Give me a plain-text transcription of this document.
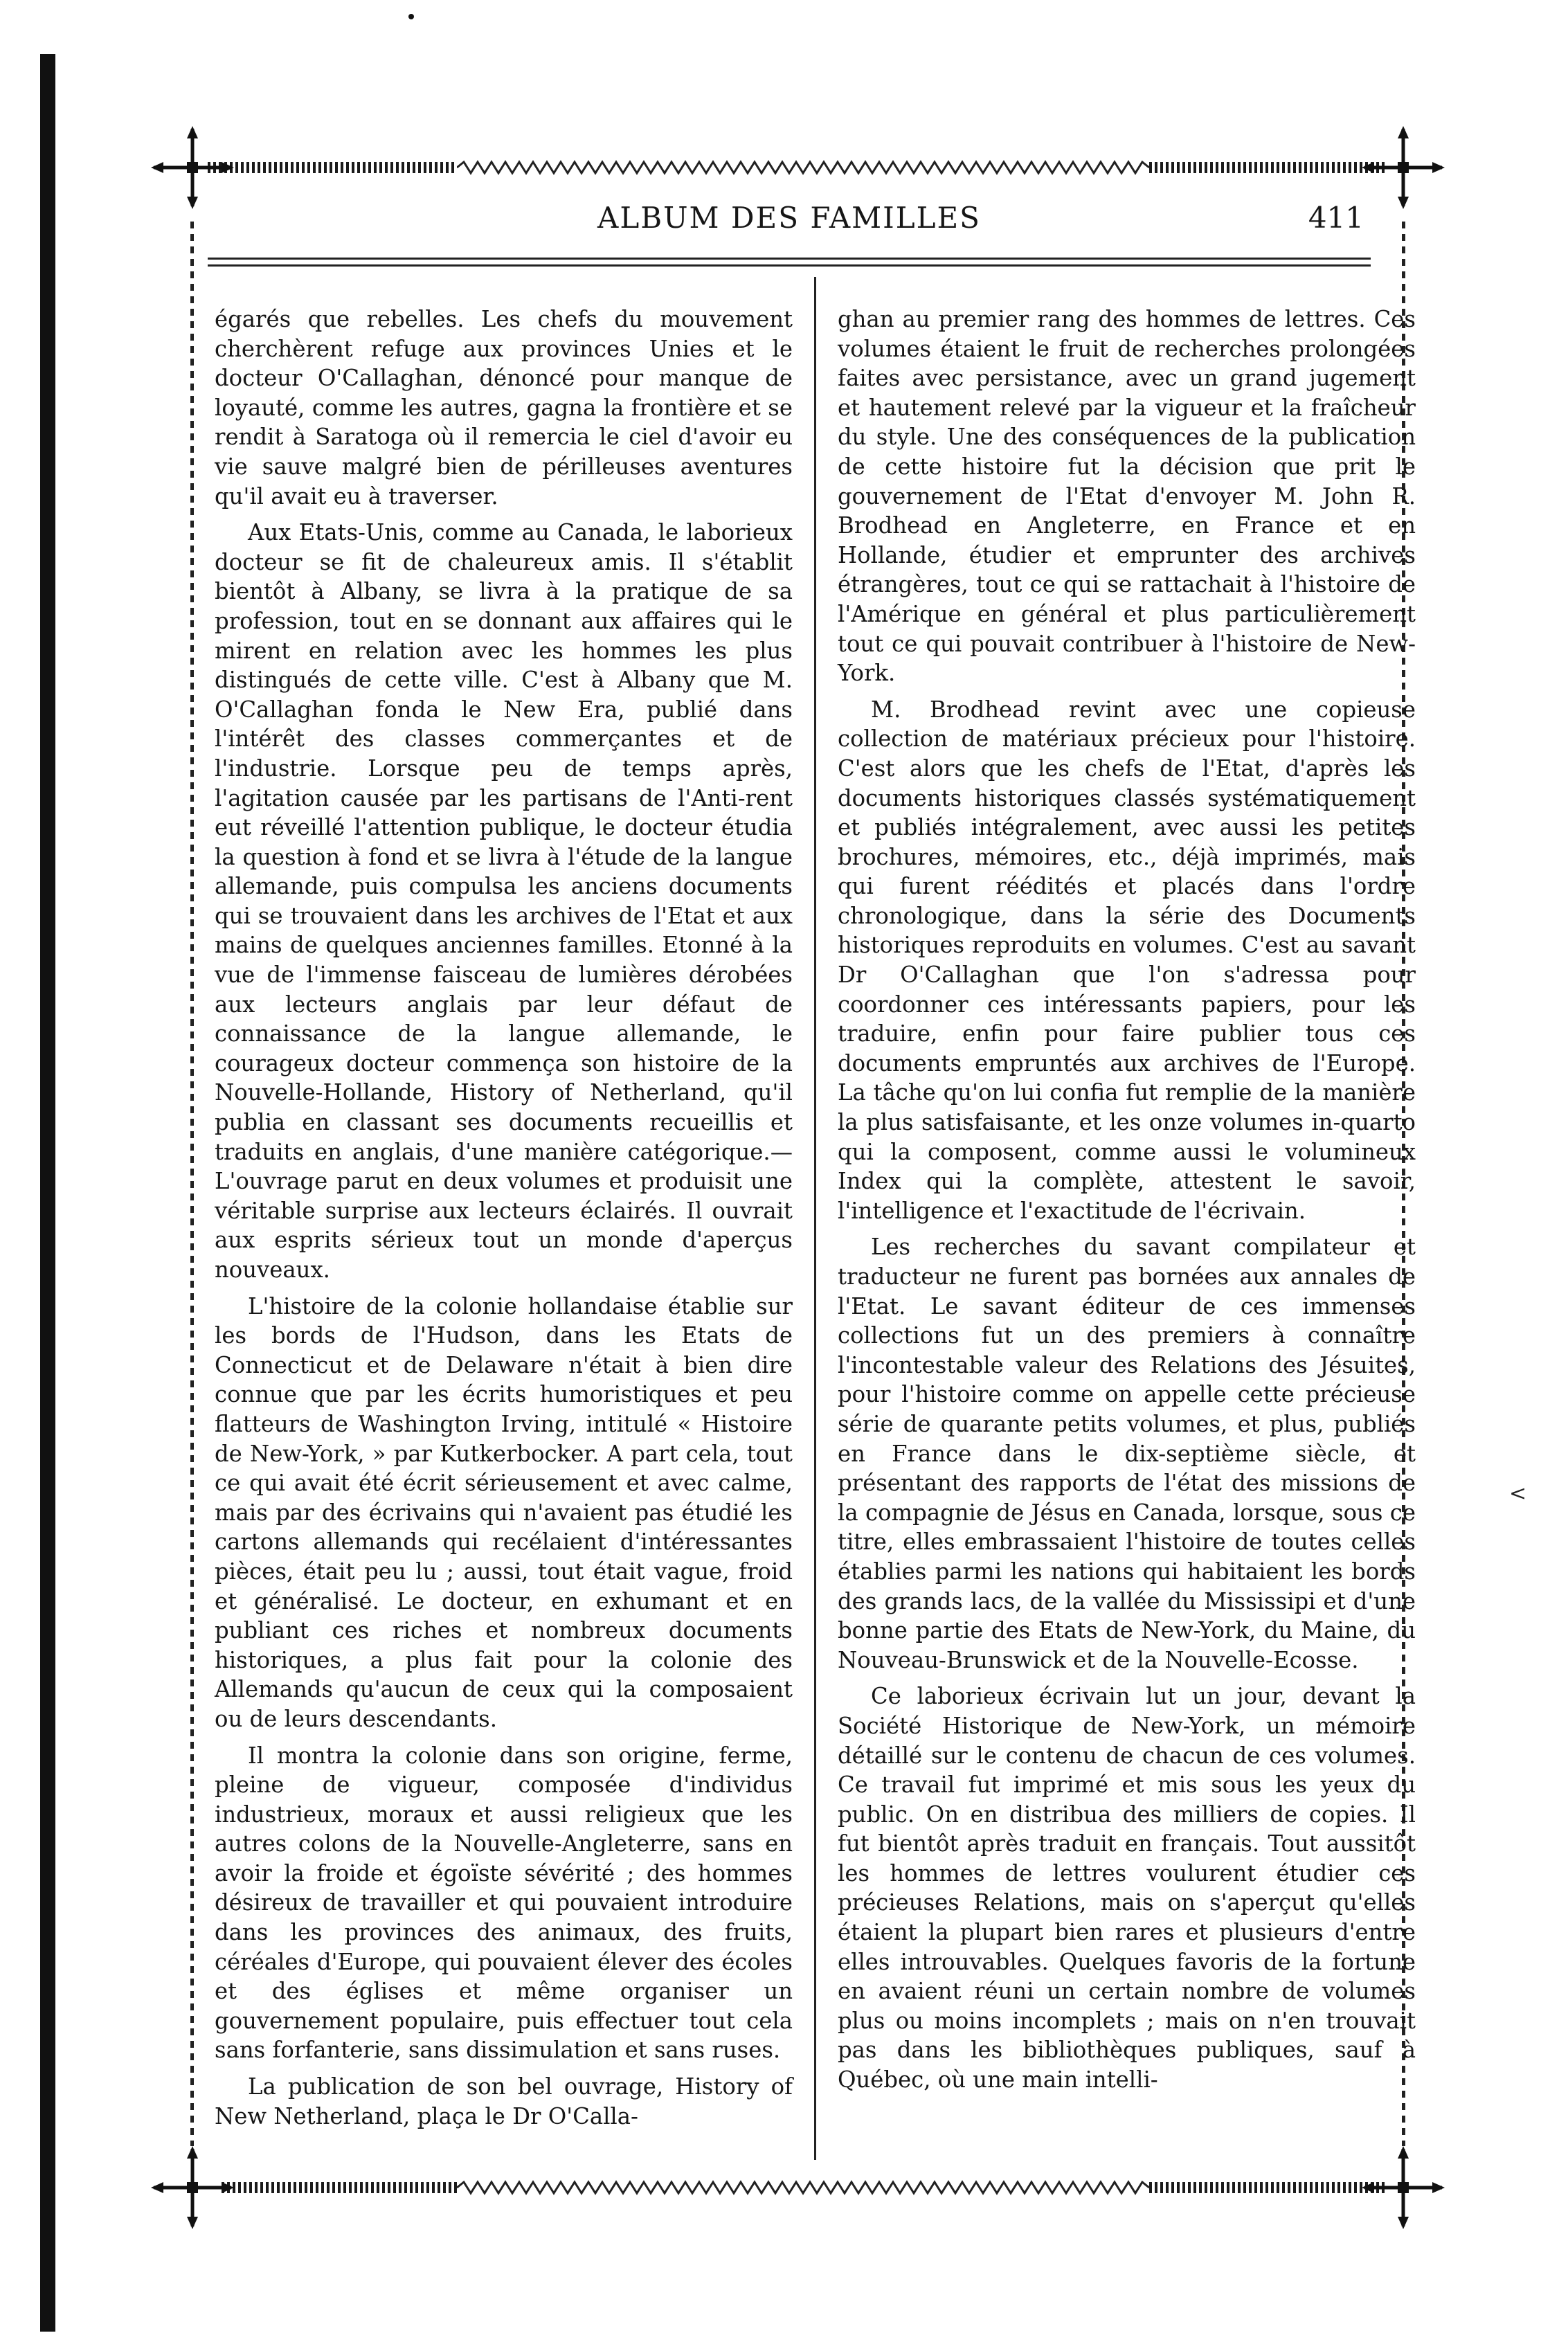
ALBUM DES FAMILLES	411

égarés que rebelles. Les chefs du mouvement cherchèrent refuge aux provinces Unies et le docteur O'Callaghan, dénoncé pour manque de loyauté, comme les autres, gagna la frontière et se rendit à Saratoga où il remercia le ciel d'avoir eu vie sauve malgré bien de périlleuses aventures qu'il avait eu à traverser.

Aux Etats-Unis, comme au Canada, le laborieux docteur se fit de chaleureux amis. Il s'établit bientôt à Albany, se livra à la pratique de sa profession, tout en se donnant aux affaires qui le mirent en relation avec les hommes les plus distingués de cette ville. C'est à Albany que M. O'Callaghan fonda le New Era, publié dans l'intérêt des classes commerçantes et de l'industrie. Lorsque peu de temps après, l'agitation causée par les partisans de l'Anti-rent eut réveillé l'attention publique, le docteur étudia la question à fond et se livra à l'étude de la langue allemande, puis compulsa les anciens documents qui se trouvaient dans les archives de l'Etat et aux mains de quelques anciennes familles. Etonné à la vue de l'immense faisceau de lumières dérobées aux lecteurs anglais par leur défaut de connaissance de la langue allemande, le courageux docteur commença son histoire de la Nouvelle-Hollande, History of Netherland, qu'il publia en classant ses documents recueillis et traduits en anglais, d'une manière catégorique.—L'ouvrage parut en deux volumes et produisit une véritable surprise aux lecteurs éclairés. Il ouvrait aux esprits sérieux tout un monde d'aperçus nouveaux.

L'histoire de la colonie hollandaise établie sur les bords de l'Hudson, dans les Etats de Connecticut et de Delaware n'était à bien dire connue que par les écrits humoristiques et peu flatteurs de Washington Irving, intitulé « Histoire de New-York, » par Kutkerbocker. A part cela, tout ce qui avait été écrit sérieusement et avec calme, mais par des écrivains qui n'avaient pas étudié les cartons allemands qui recélaient d'intéressantes pièces, était peu lu ; aussi, tout était vague, froid et généralisé. Le docteur, en exhumant et en publiant ces riches et nombreux documents historiques, a plus fait pour la colonie des Allemands qu'aucun de ceux qui la composaient ou de leurs descendants.

Il montra la colonie dans son origine, ferme, pleine de vigueur, composée d'individus industrieux, moraux et aussi religieux que les autres colons de la Nouvelle-Angleterre, sans en avoir la froide et égoïste sévérité ; des hommes désireux de travailler et qui pouvaient introduire dans les provinces des animaux, des fruits, céréales d'Europe, qui pouvaient élever des écoles et des églises et même organiser un gouvernement populaire, puis effectuer tout cela sans forfanterie, sans dissimulation et sans ruses.

La publication de son bel ouvrage, History of New Netherland, plaça le Dr O'Calla-

ghan au premier rang des hommes de lettres. Ces volumes étaient le fruit de recherches prolongées faites avec persistance, avec un grand jugement et hautement relevé par la vigueur et la fraîcheur du style. Une des conséquences de la publication de cette histoire fut la décision que prit le gouvernement de l'Etat d'envoyer M. John R. Brodhead en Angleterre, en France et en Hollande, étudier et emprunter des archives étrangères, tout ce qui se rattachait à l'histoire de l'Amérique en général et plus particulièrement tout ce qui pouvait contribuer à l'histoire de New-York.

M. Brodhead revint avec une copieuse collection de matériaux précieux pour l'histoire. C'est alors que les chefs de l'Etat, d'après les documents historiques classés systématiquement et publiés intégralement, avec aussi les petites brochures, mémoires, etc., déjà imprimés, mais qui furent réédités et placés dans l'ordre chronologique, dans la série des Documents historiques reproduits en volumes. C'est au savant Dr O'Callaghan que l'on s'adressa pour coordonner ces intéressants papiers, pour les traduire, enfin pour faire publier tous ces documents empruntés aux archives de l'Europe. La tâche qu'on lui confia fut remplie de la manière la plus satisfaisante, et les onze volumes in-quarto qui la composent, comme aussi le volumineux Index qui la complète, attestent le savoir, l'intelligence et l'exactitude de l'écrivain.

Les recherches du savant compilateur et traducteur ne furent pas bornées aux annales de l'Etat. Le savant éditeur de ces immenses collections fut un des premiers à connaître l'incontestable valeur des Relations des Jésuites, pour l'histoire comme on appelle cette précieuse série de quarante petits volumes, et plus, publiés en France dans le dix-septième siècle, et présentant des rapports de l'état des missions de la compagnie de Jésus en Canada, lorsque, sous ce titre, elles embrassaient l'histoire de toutes celles établies parmi les nations qui habitaient les bords des grands lacs, de la vallée du Mississipi et d'une bonne partie des Etats de New-York, du Maine, du Nouveau-Brunswick et de la Nouvelle-Ecosse.

Ce laborieux écrivain lut un jour, devant la Société Historique de New-York, un mémoire détaillé sur le contenu de chacun de ces volumes. Ce travail fut imprimé et mis sous les yeux du public. On en distribua des milliers de copies. Il fut bientôt après traduit en français. Tout aussitôt les hommes de lettres voulurent étudier ces précieuses Relations, mais on s'aperçut qu'elles étaient la plupart bien rares et plusieurs d'entre elles introuvables. Quelques favoris de la fortune en avaient réuni un certain nombre de volumes plus ou moins incomplets ; mais on n'en trouvait pas dans les bibliothèques publiques, sauf à Québec, où une main intelli-

<
